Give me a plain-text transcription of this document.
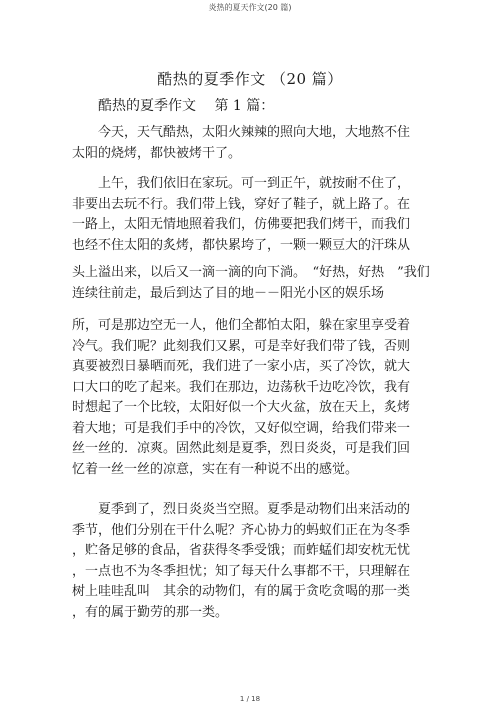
炎热的夏天作文(20 篇)
酷热的夏季作文 （20 篇）
酷热的夏季作文　 第 1 篇：

　　今天，天气酷热，太阳火辣辣的照向大地，大地熬不住
太阳的烧烤，都快被烤干了。

　　上午，我们依旧在家玩。可一到正午，就按耐不住了，
非要出去玩不行。我们带上钱，穿好了鞋子，就上路了。在
一路上，太阳无情地照着我们，仿佛要把我们烤干，而我们
也经不住太阳的炙烤，都快累垮了，一颗一颗豆大的汗珠从

头上溢出来，以后又一滴一滴的向下淌。　“好热，好热　”我们
连续往前走，最后到达了目的地－－阳光小区的娱乐场

所，可是那边空无一人，他们全都怕太阳，躲在家里享受着
冷气。我们呢？此刻我们又累，可是幸好我们带了钱，否则
真要被烈日暴晒而死，我们进了一家小店，买了冷饮，就大
口大口的吃了起来。我们在那边，边荡秋千边吃冷饮，我有
时想起了一个比较，太阳好似一个大火盆，放在天上，炙烤
着大地；可是我们手中的冷饮，又好似空调，给我们带来一
丝一丝的．凉爽。固然此刻是夏季，烈日炎炎，可是我们回
忆着一丝一丝的凉意，实在有一种说不出的感觉。

　　夏季到了，烈日炎炎当空照。夏季是动物们出来活动的
季节，他们分别在干什么呢？齐心协力的蚂蚁们正在为冬季
，贮备足够的食品，省获得冬季受饿；而蚱蜢们却安枕无忧
，一点也不为冬季担忧；知了每天什么事都不干，只理解在
树上哇哇乱叫　其余的动物们，有的属于贪吃贪喝的那一类
，有的属于勤劳的那一类。

1 / 18
